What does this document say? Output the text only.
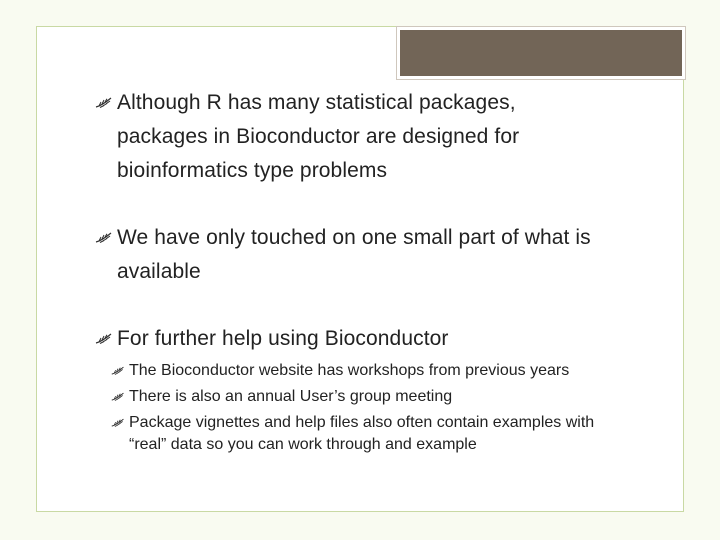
Although R has many statistical packages, packages in Bioconductor are designed for bioinformatics type problems
We have only touched on one small part of what is available
For further help using Bioconductor
The Bioconductor website has workshops from previous years
There is also an annual User’s group meeting
Package vignettes and help files also often contain examples with “real” data so you can work through and example
